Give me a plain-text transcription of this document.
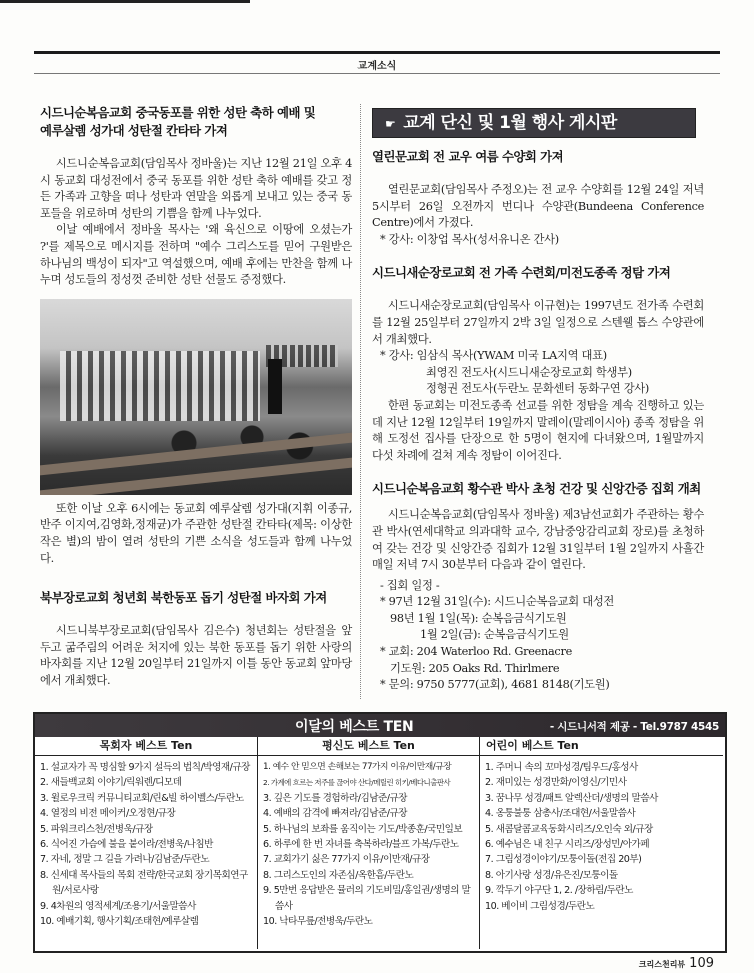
교계소식
시드니순복음교회 중국동포를 위한 성탄 축하 예배 및
예루살렘 성가대 성탄절 칸타타 가져

시드니순복음교회(담임목사 정바울)는 지난 12월 21일 오후 4시 동교회 대성전에서 중국 동포를 위한 성탄 축하 예배를 갖고 정든 가족과 고향을 떠나 성탄과 연말을 외롭게 보내고 있는 중국 동포들을 위로하며 성탄의 기쁨을 함께 나누었다.

이날 예배에서 정바울 목사는 '왜 육신으로 이땅에 오셨는가 ?'를 제목으로 메시지를 전하며 "예수 그리스도를 믿어 구원받은 하나님의 백성이 되자"고 역설했으며, 예배 후에는 만찬을 함께 나누며 성도들의 정성껏 준비한 성탄 선물도 증정했다.

또한 이날 오후 6시에는 동교회 예루살렘 성가대(지휘 이종규, 반주 이지여,김영화,정재균)가 주관한 성탄절 칸타타(제목: 이상한 작은 별)의 밤이 열려 성탄의 기쁜 소식을 성도들과 함께 나누었다.

북부장로교회 청년회 북한동포 돕기 성탄절 바자회 가져

시드니북부장로교회(담임목사 김은수) 청년회는 성탄절을 앞두고 굶주림의 어려운 처지에 있는 북한 동포를 돕기 위한 사랑의 바자회를 지난 12월 20일부터 21일까지 이틀 동안 동교회 앞마당에서 개최했다.

☛ 교계 단신 및 1월 행사 게시판
열린문교회 전 교우 여름 수양회 가져

열린문교회(담임목사 주정오)는 전 교우 수양회를 12월 24일 저녁 5시부터 26일 오전까지 번디나 수양관(Bundeena Conference Centre)에서 가졌다.

* 강사: 이창업 목사(성서유니온 간사)

시드니새순장로교회 전 가족 수련회/미전도종족 정탐 가져

시드니새순장로교회(담임목사 이규현)는 1997년도 전가족 수련회를 12월 25일부터 27일까지 2박 3일 일정으로 스텐웰 톱스 수양관에서 개최했다.

* 강사: 임삼식 목사(YWAM 미국 LA지역 대표)

최영진 전도사(시드니새순장로교회 학생부)

정형권 전도사(두란노 문화센터 동화구연 강사)

한편 동교회는 미전도종족 선교를 위한 정탐을 계속 진행하고 있는데 지난 12월 12일부터 19일까지 말레이(말레이시아) 종족 정탐을 위해 도정선 집사를 단장으로 한 5명이 현지에 다녀왔으며, 1월말까지 다섯 차례에 걸쳐 계속 정탐이 이어진다.

시드니순복음교회 황수관 박사 초청 건강 및 신앙간증 집회 개최

시드니순복음교회(담임목사 정바울) 제3남선교회가 주관하는 황수관 박사(연세대학교 의과대학 교수, 강남중앙감리교회 장로)를 초청하여 갖는 건강 및 신앙간증 집회가 12월 31일부터 1월 2일까지 사흘간 매일 저녁 7시 30분부터 다음과 같이 열린다.

- 집회 일정 -

* 97년 12월 31일(수): 시드니순복음교회 대성전

98년 1월 1일(목): 순복음금식기도원

1월 2일(금): 순복음금식기도원

* 교회: 204 Waterloo Rd. Greenacre

기도원: 205 Oaks Rd. Thirlmere

* 문의: 9750 5777(교회), 4681 8148(기도원)

이달의 베스트 TEN	- 시드니서적 제공 - Tel.9787 4545
목회자 베스트 Ten
1. 설교자가 꼭 명심할 9가지 설득의 법칙/박영재/규장
2. 새들백교회 이야기/릭워렌/디모데
3. 윌로우크릭 커뮤니티교회/린&빌 하이벨스/두란노
4. 열정의 비전 메이커/오정현/규장
5. 파워크리스천/전병욱/규장
6. 식어진 가슴에 불을 붙이라/전병욱/나침반
7. 자네, 정말 그 길을 가려나/김남준/두란노
8. 신세대 목사들의 목회 전략/한국교회 장기목회연구원/서로사랑
9. 4차원의 영적세계/조용기/서울말씀사
10. 예배기획, 행사기획/조태현/예루살렘
평신도 베스트 Ten
1. 예수 안 믿으면 손해보는 77가지 이유/이만재/규장
2. 가계에 흐르는 저주를 끊어야 산다/메릴린 히키/베다니출판사
3. 깊은 기도를 경험하라/김남준/규장
4. 예배의 감격에 빠져라/김남준/규장
5. 하나님의 보좌를 움직이는 기도/박종훈/국민일보
6. 하루에 한 번 자녀를 축복하라/블프 가복/두란노
7. 교회가기 싫은 77가지 이유/이만재/규장
8. 그리스도인의 자존심/옥한흠/두란노
9. 5만번 응답받은 뮬러의 기도비밀/홍일권/생명의 말씀사
10. 낙타무릎/전병욱/두란노
어린이 베스트 Ten
1. 주머니 속의 꼬마성경/팀우드/홍성사
2. 재미있는 성경만화/이영신/기민사
3. 꿈나무 성경/패트 알렉산더/생명의 말씀사
4. 옹퉁불퉁 삼총사/조대현/서울말씀사
5. 새콤달콤교육동화시리즈/오인숙 외/규장
6. 예수님은 내 친구 시리즈/장성민/아가페
7. 그림성경이야기/모퉁이돌(전집 20부)
8. 아기사랑 성경/유은진/모퉁이돌
9. 깍두기 야구단 1, 2. /장하림/두란노
10. 베이비 그림성경/두란노
크리스천리뷰 109
